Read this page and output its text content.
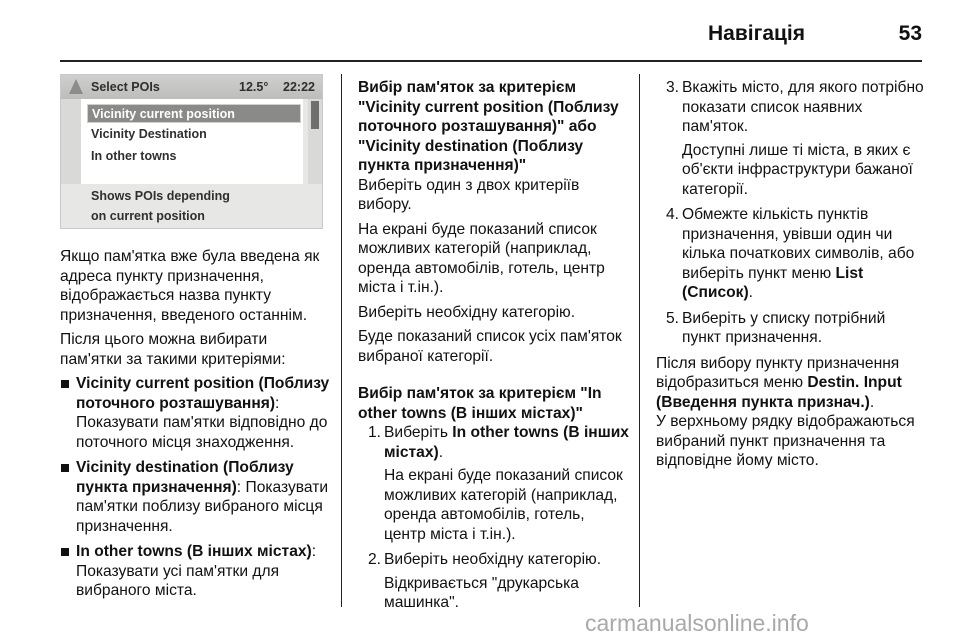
Навігація	53
Select POIs	12.5° 22:22
Vicinity current position
Vicinity Destination
In other towns
Shows POIs depending
on current position

Якщо пам'ятка вже була введена як адреса пункту призначення, відображається назва пункту призначення, введеного останнім.

Після цього можна вибирати пам'ятки за такими критеріями:

Vicinity current position (Поблизу поточного розташування):
Показувати пам'ятки відповідно до поточного місця знаходження.
Vicinity destination (Поблизу пункта призначення): Показувати пам'ятки поблизу вибраного місця призначення.
In other towns (В інших містах):
Показувати усі пам'ятки для вибраного міста.
Вибір пам'яток за критерієм "Vicinity current position (Поблизу поточного розташування)" або "Vicinity destination (Поблизу пункта призначення)"

Виберіть один з двох критеріїв вибору.

На екрані буде показаний список можливих категорій (наприклад, оренда автомобілів, готель, центр міста і т.ін.).

Виберіть необхідну категорію.

Буде показаний список усіх пам'яток вибраної категорії.

Вибір пам'яток за критерієм "In other towns (В інших містах)"
1. Виберіть In other towns (В інших містах).

На екрані буде показаний список можливих категорій (наприклад, оренда автомобілів, готель, центр міста і т.ін.).

2. Виберіть необхідну категорію.

Відкривається "друкарська машинка".

3. Вкажіть місто, для якого потрібно показати список наявних пам'яток.

Доступні лише ті міста, в яких є об'єкти інфраструктури бажаної категорії.

4. Обмежте кількість пунктів призначення, увівши один чи кілька початкових символів, або виберіть пункт меню List (Список).
5. Виберіть у списку потрібний пункт призначення.

Після вибору пункту призначення відобразиться меню Destin. Input (Введення пункта признач.).

У верхньому рядку відображаються вибраний пункт призначення та відповідне йому місто.

carmanualsonline.info
